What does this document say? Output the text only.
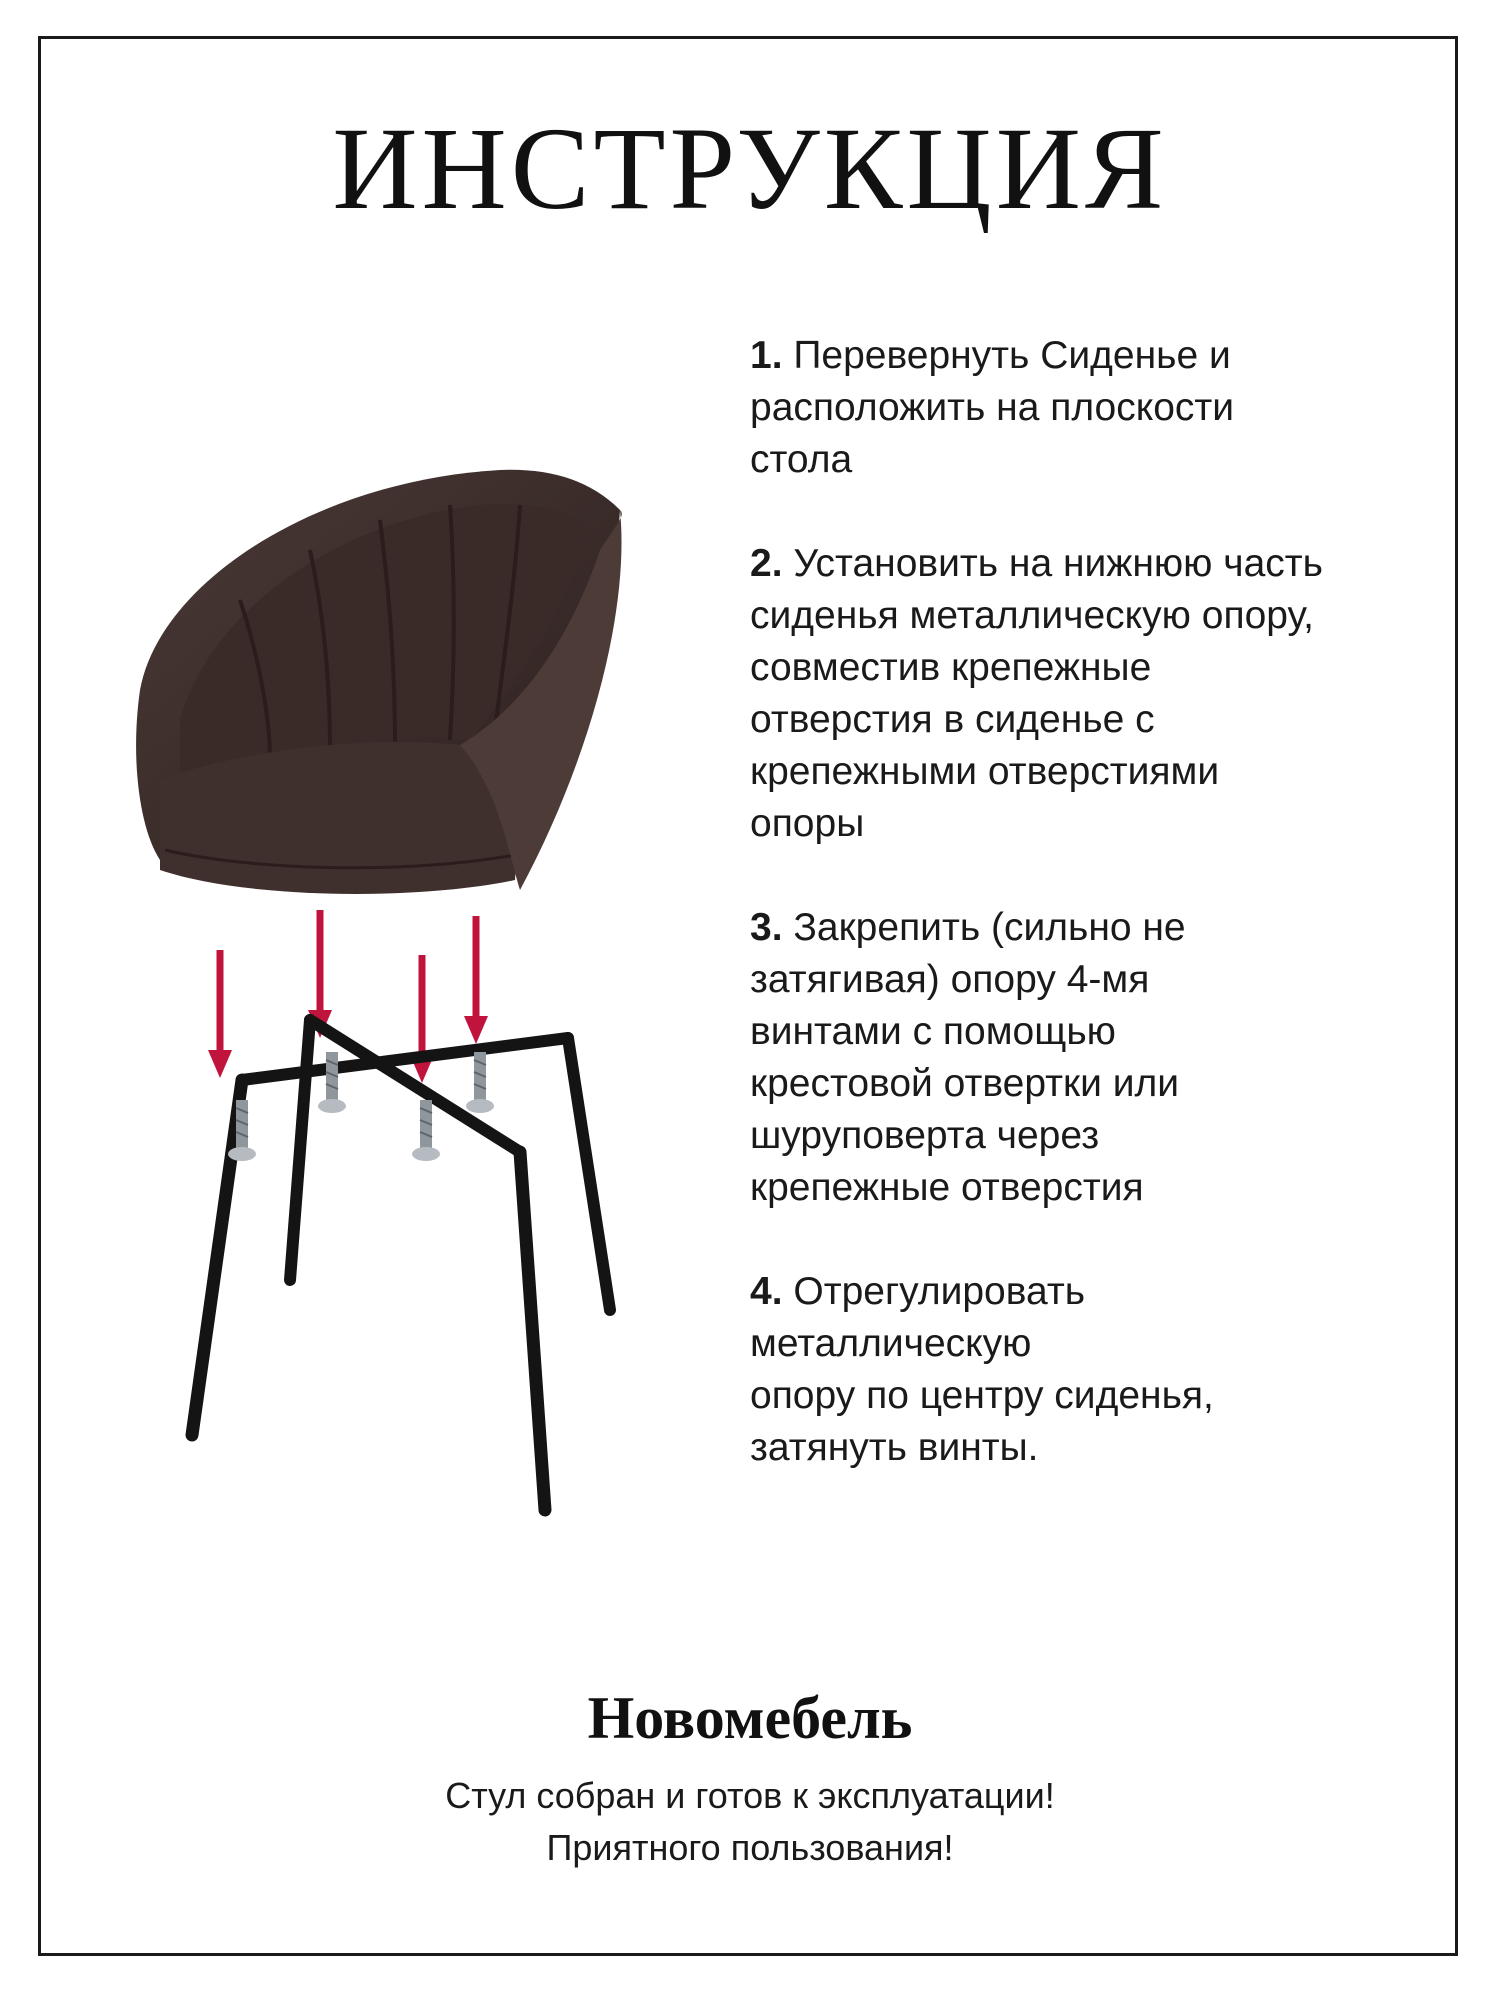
ИНСТРУКЦИЯ
1. Перевернуть Сиденье и
расположить на плоскости
стола
2. Установить на нижнюю часть
сиденья металлическую опору,
совместив крепежные
отверстия в сиденье с
крепежными отверстиями
опоры
3. Закрепить (сильно не
затягивая) опору 4-мя
винтами с помощью
крестовой отвертки или
шуруповерта через
крепежные отверстия
4. Отрегулировать
металлическую
опору по центру сиденья,
затянуть винты.
Новомебель
Стул собран и готов к эксплуатации!
Приятного пользования!
